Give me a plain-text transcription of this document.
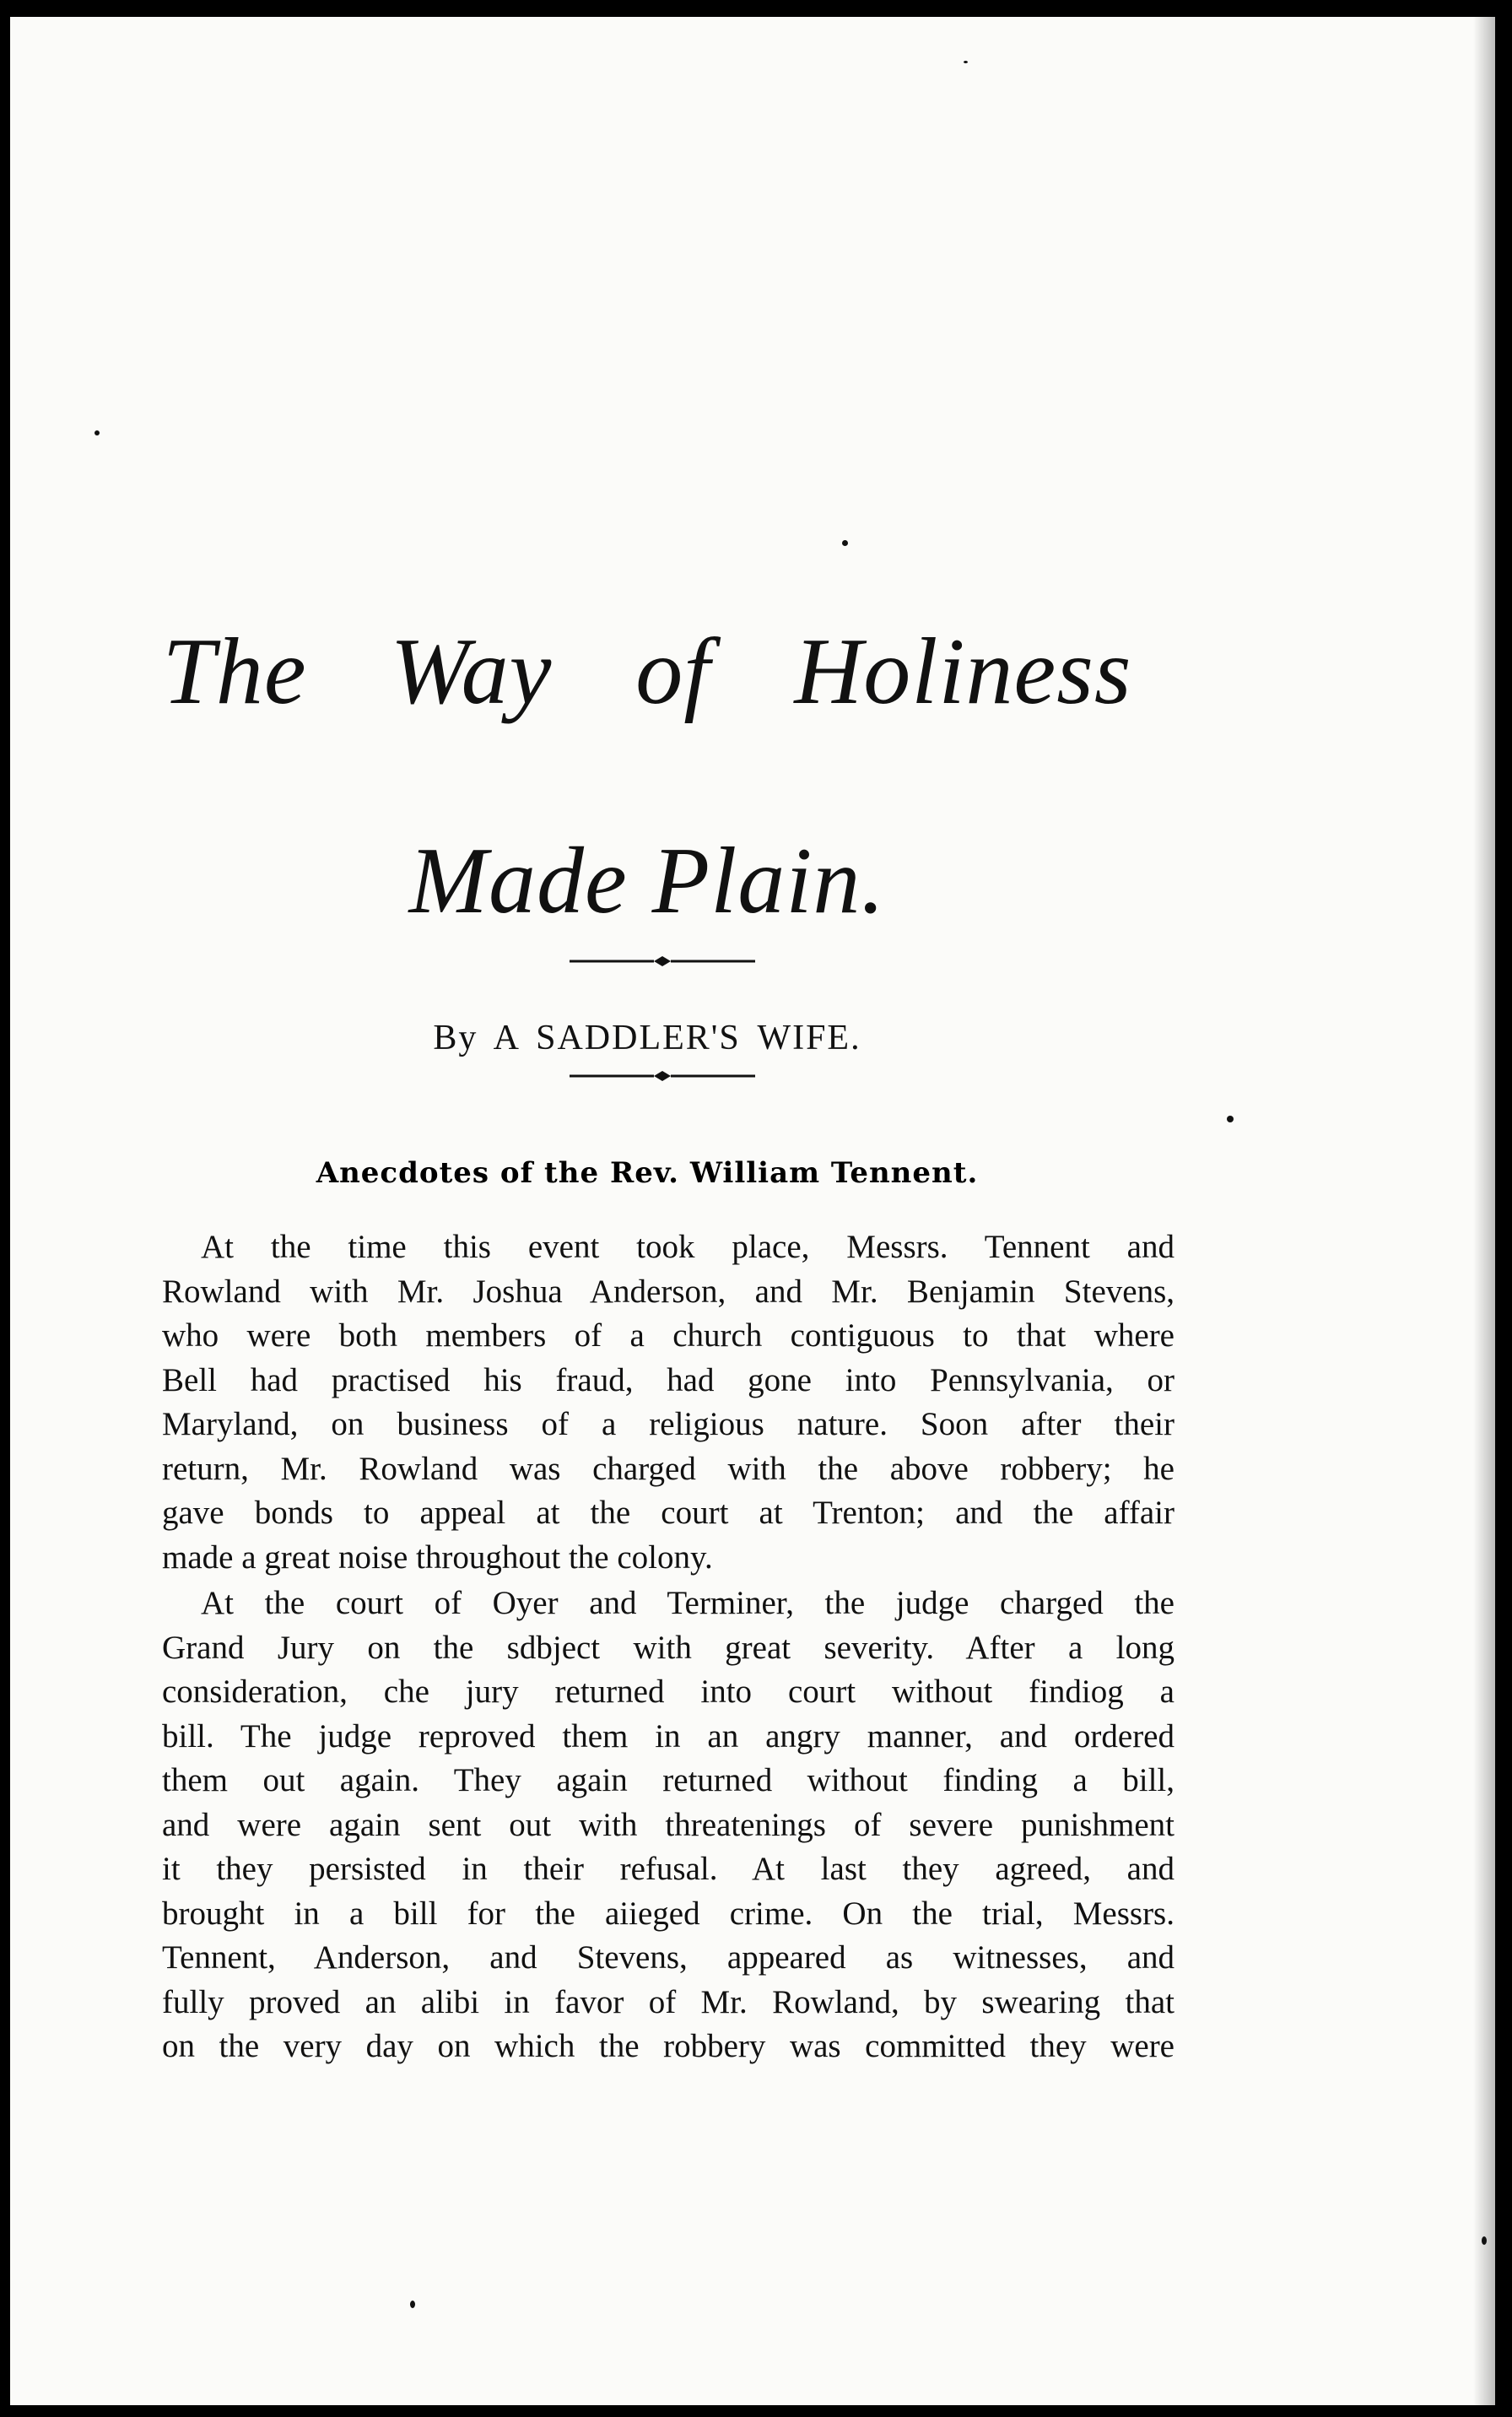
The Way of Holiness
Made Plain.

By A SADDLER'S WIFE.

Anecdotes of the Rev. William Tennent.

At the time this event took place, Messrs. Tennent and
Rowland with Mr. Joshua Anderson, and Mr. Benjamin Stevens,
who were both members of a church contiguous to that where
Bell had practised his fraud, had gone into Pennsylvania, or
Maryland, on business of a religious nature. Soon after their
return, Mr. Rowland was charged with the above robbery; he
gave bonds to appeal at the court at Trenton; and the affair
made a great noise throughout the colony.

At the court of Oyer and Terminer, the judge charged the
Grand Jury on the sdbject with great severity. After a long
consideration, che jury returned into court without findiog a
bill. The judge reproved them in an angry manner, and ordered
them out again. They again returned without finding a bill,
and were again sent out with threatenings of severe punishment
it they persisted in their refusal. At last they agreed, and
brought in a bill for the aiieged crime. On the trial, Messrs.
Tennent, Anderson, and Stevens, appeared as witnesses, and
fully proved an alibi in favor of Mr. Rowland, by swearing that
on the very day on which the robbery was committed they were
